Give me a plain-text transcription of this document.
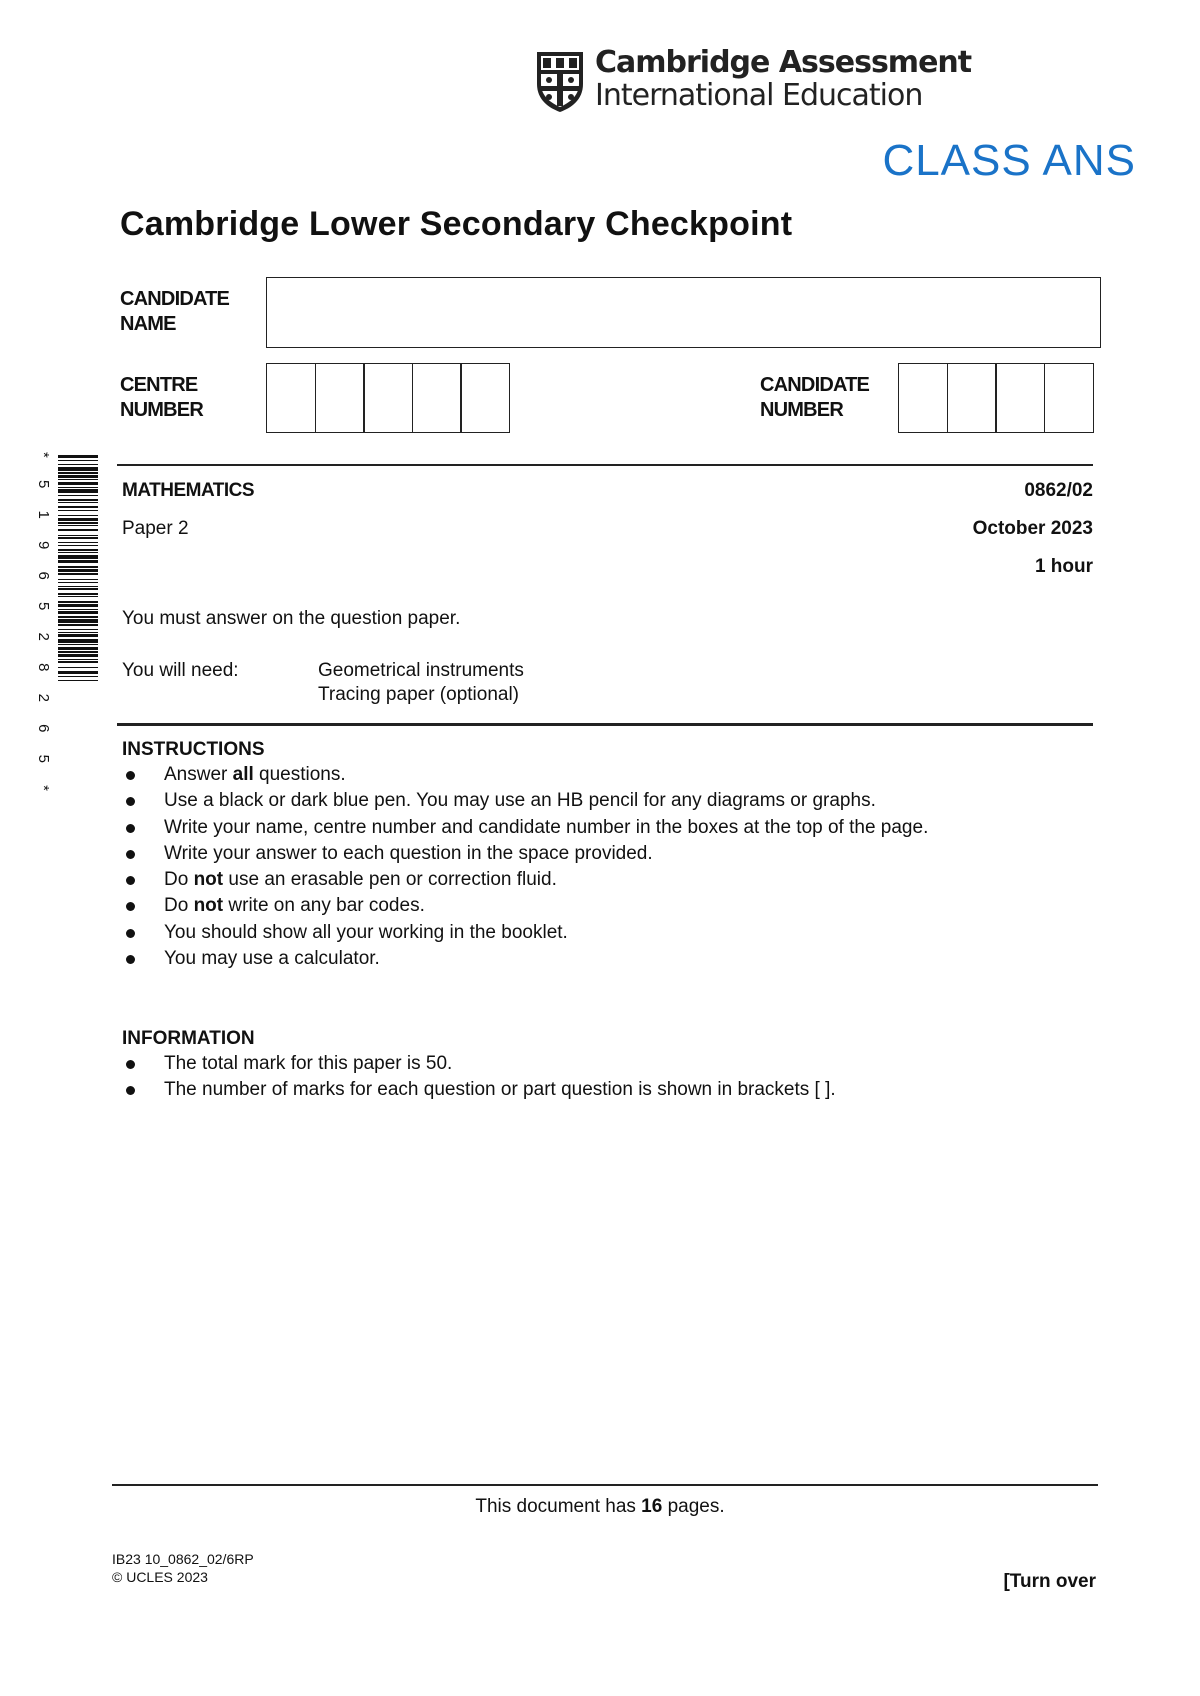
Cambridge Assessment
International Education
CLASS ANS
Cambridge Lower Secondary Checkpoint
CANDIDATE
NAME
CENTRE
NUMBER
CANDIDATE
NUMBER
* 5 1 9 6 5 2 8 2 6 5 *	MATHEMATICS	0862/02
Paper 2	October 2023
1 hour
You must answer on the question paper.
You will need:	Geometrical instruments
Tracing paper (optional)
INSTRUCTIONS
Answer all questions.
Use a black or dark blue pen. You may use an HB pencil for any diagrams or graphs.
Write your name, centre number and candidate number in the boxes at the top of the page.
Write your answer to each question in the space provided.
Do not use an erasable pen or correction fluid.
Do not write on any bar codes.
You should show all your working in the booklet.
You may use a calculator.
INFORMATION
The total mark for this paper is 50.
The number of marks for each question or part question is shown in brackets [ ].
This document has 16 pages.
IB23 10_0862_02/6RP
© UCLES 2023	[Turn over
